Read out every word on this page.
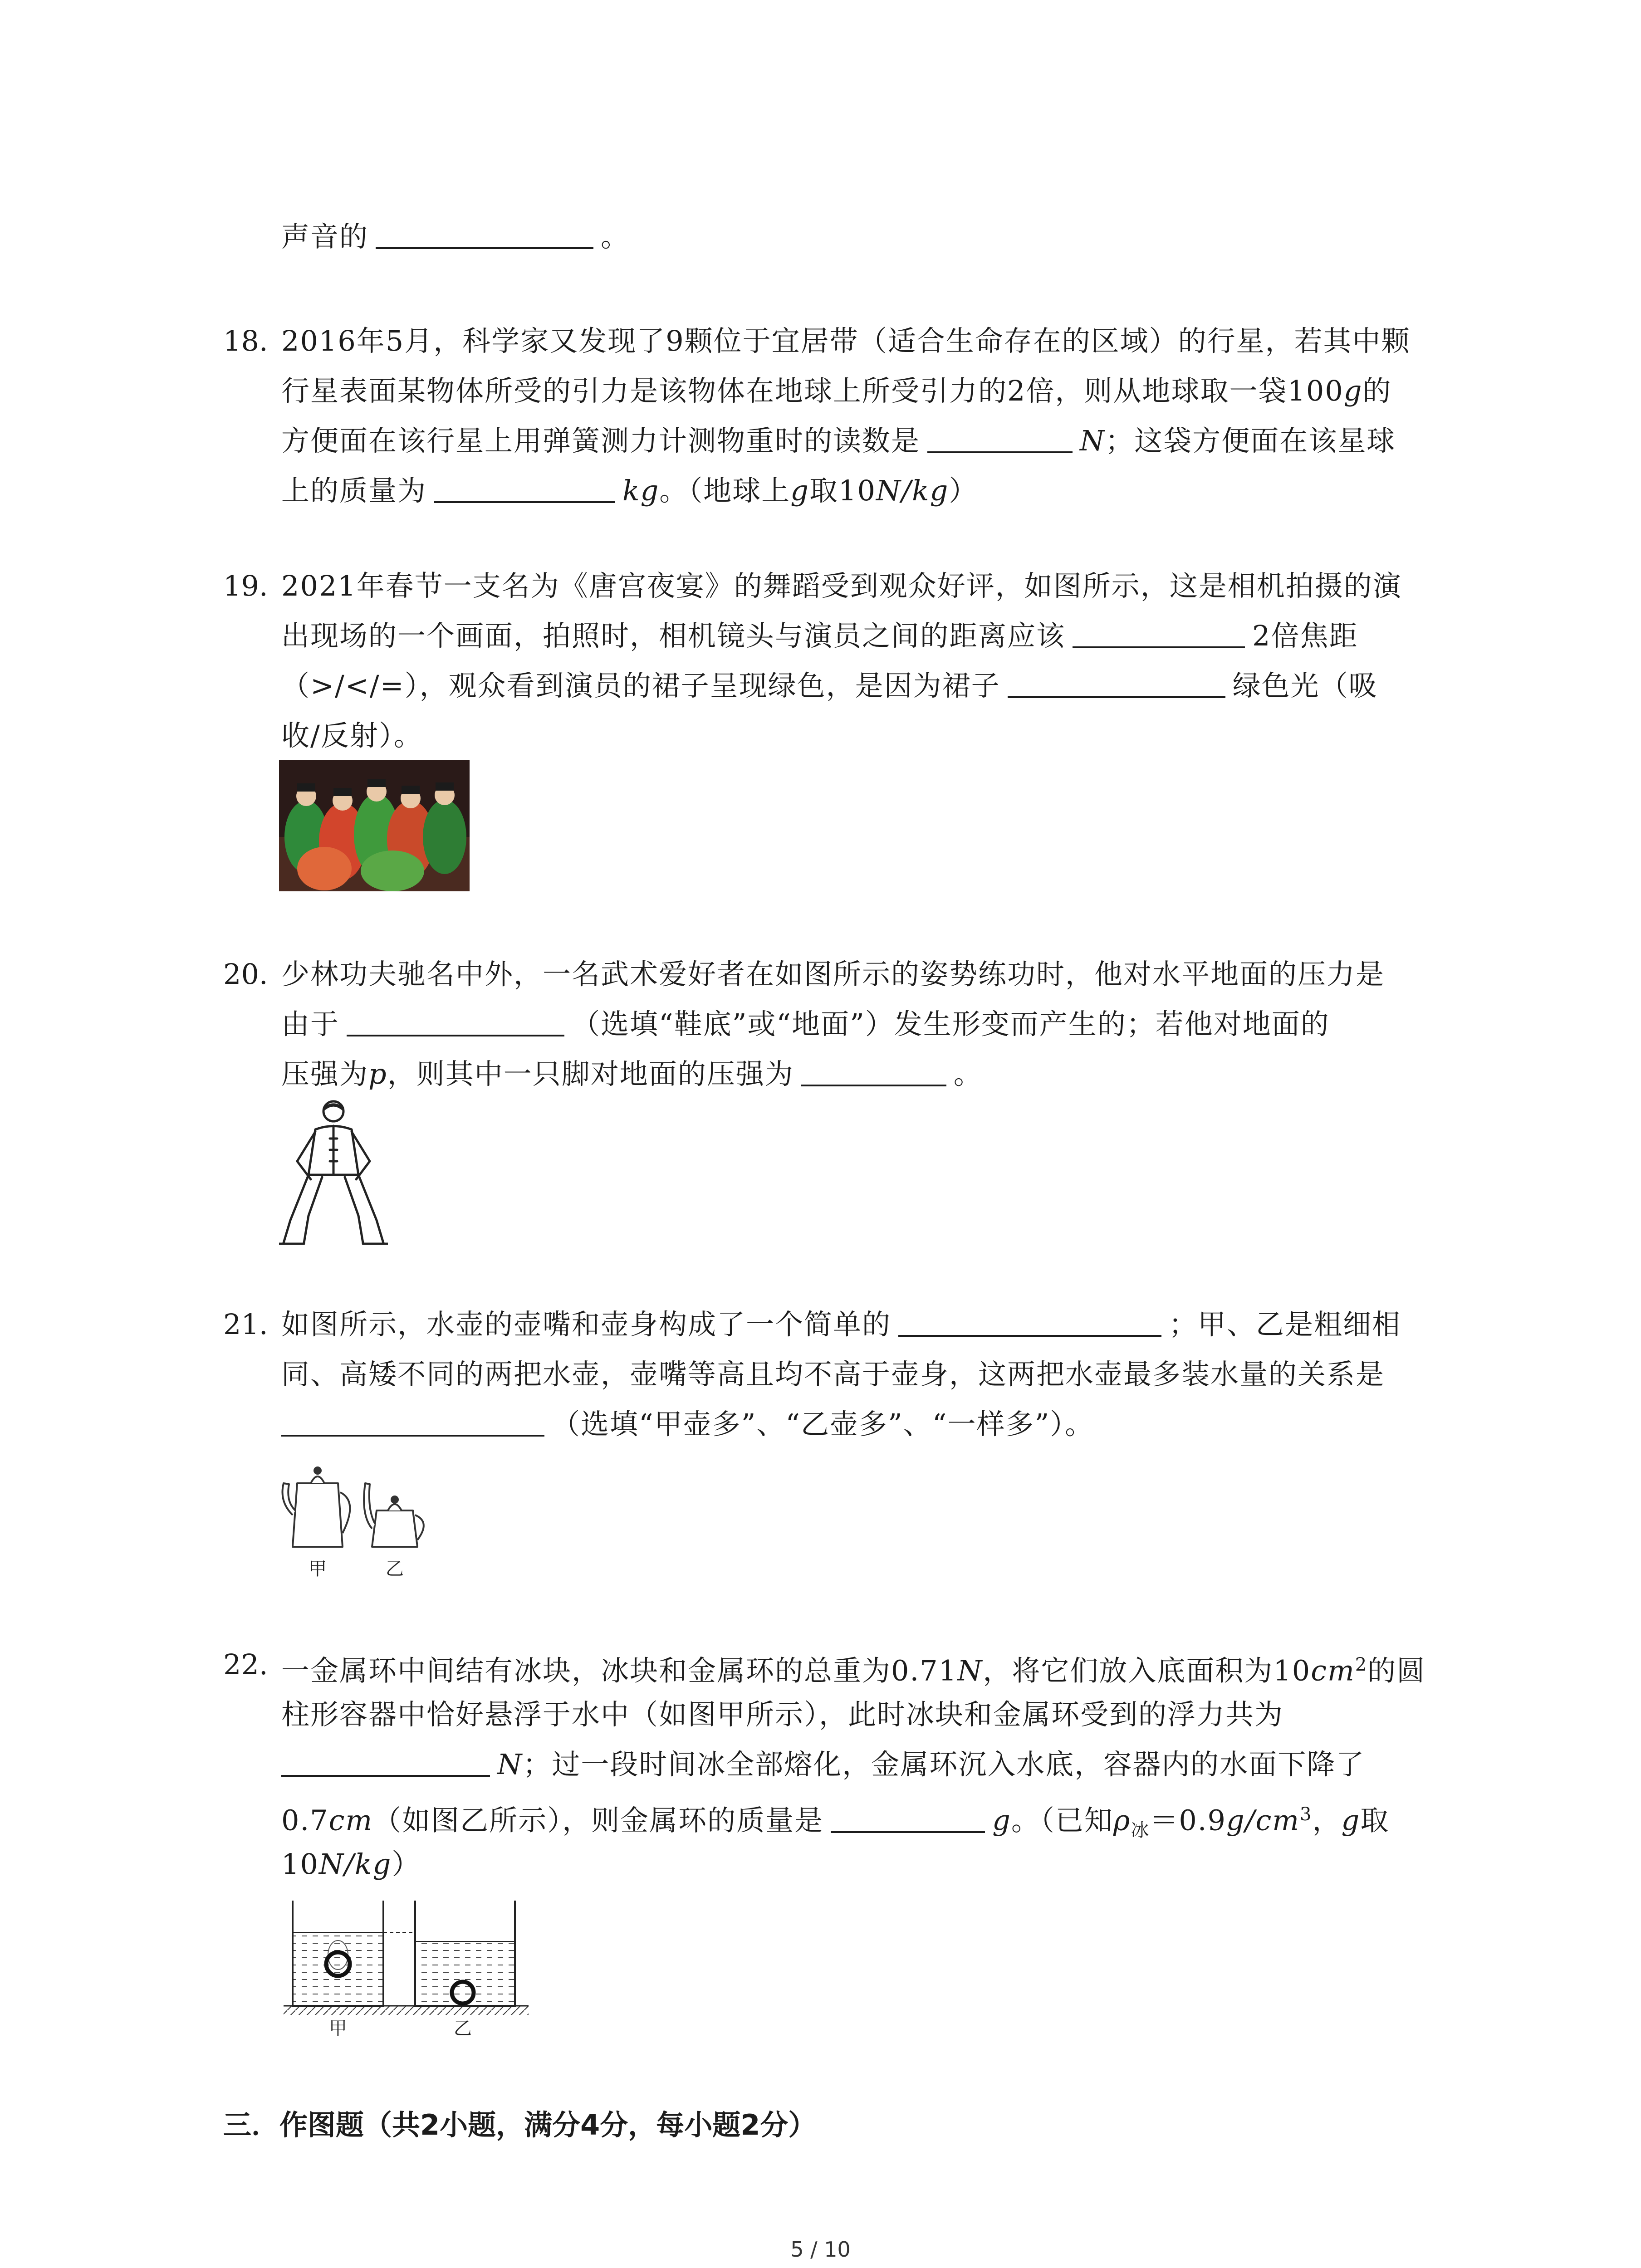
声音的	。
18. 2016年5月，科学家又发现了9颗位于宜居带（适合生命存在的区域）的行星，若其中颗
行星表面某物体所受的引力是该物体在地球上所受引力的2倍，则从地球取一袋100g的
方便面在该行星上用弹簧测力计测物重时的读数是	N；这袋方便面在该星球
上的质量为	kg。（地球上g取10N/kg）
19. 2021年春节一支名为《唐宫夜宴》的舞蹈受到观众好评，如图所示，这是相机拍摄的演
出现场的一个画面，拍照时，相机镜头与演员之间的距离应该	2倍焦距
（>/</=），观众看到演员的裙子呈现绿色，是因为裙子	绿色光（吸
收/反射）。
20. 少林功夫驰名中外，一名武术爱好者在如图所示的姿势练功时，他对水平地面的压力是
由于	（选填“鞋底”或“地面”）发生形变而产生的；若他对地面的
压强为p，则其中一只脚对地面的压强为	。
21. 如图所示，水壶的壶嘴和壶身构成了一个简单的	；甲、乙是粗细相
同、高矮不同的两把水壶，壶嘴等高且均不高于壶身，这两把水壶最多装水量的关系是
（选填“甲壶多”、“乙壶多”、“一样多”）。
甲	乙
22. 一金属环中间结有冰块，冰块和金属环的总重为0.71N，将它们放入底面积为$10cm^2$的圆
柱形容器中恰好悬浮于水中（如图甲所示），此时冰块和金属环受到的浮力共为
N；过一段时间冰全部熔化，金属环沉入水底，容器内的水面下降了
0.7cm（如图乙所示），则金属环的质量是	g。（已知$\rho_冰=0.9g/cm^3$，g取
10N/kg）
甲	乙
三．作图题（共2小题，满分4分，每小题2分）
5 / 10
